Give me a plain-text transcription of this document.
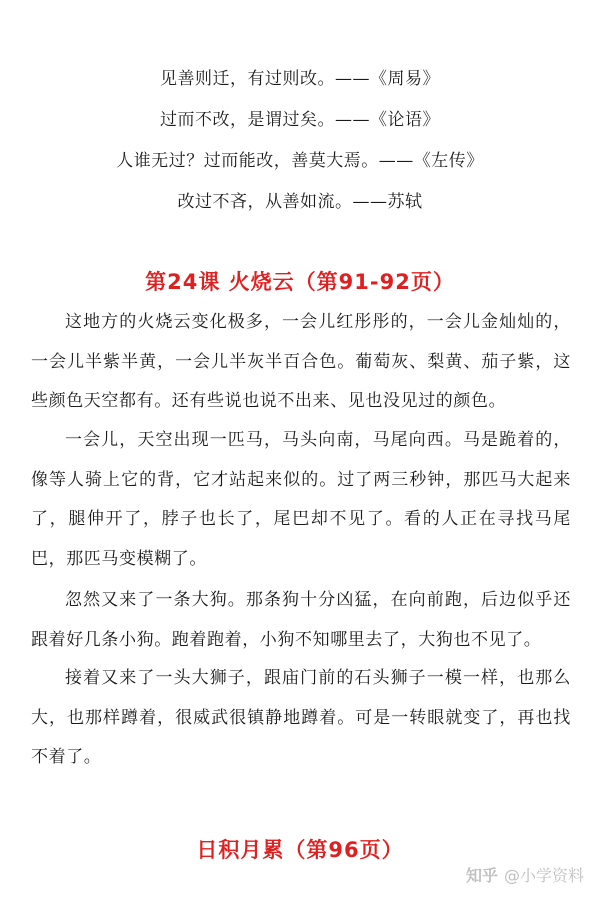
见善则迁，有过则改。——《周易》
过而不改，是谓过矣。——《论语》
人谁无过？过而能改，善莫大焉。——《左传》
改过不吝，从善如流。——苏轼
第24课 火烧云（第91-92页）
这地方的火烧云变化极多，一会儿红彤彤的，一会儿金灿灿的，一会儿半紫半黄，一会儿半灰半百合色。葡萄灰、梨黄、茄子紫，这些颜色天空都有。还有些说也说不出来、见也没见过的颜色。
一会儿，天空出现一匹马，马头向南，马尾向西。马是跪着的，像等人骑上它的背，它才站起来似的。过了两三秒钟，那匹马大起来了，腿伸开了，脖子也长了，尾巴却不见了。看的人正在寻找马尾巴，那匹马变模糊了。
忽然又来了一条大狗。那条狗十分凶猛，在向前跑，后边似乎还跟着好几条小狗。跑着跑着，小狗不知哪里去了，大狗也不见了。
接着又来了一头大狮子，跟庙门前的石头狮子一模一样，也那么大，也那样蹲着，很威武很镇静地蹲着。可是一转眼就变了，再也找不着了。
日积月累（第96页）
知乎 @小学资料
